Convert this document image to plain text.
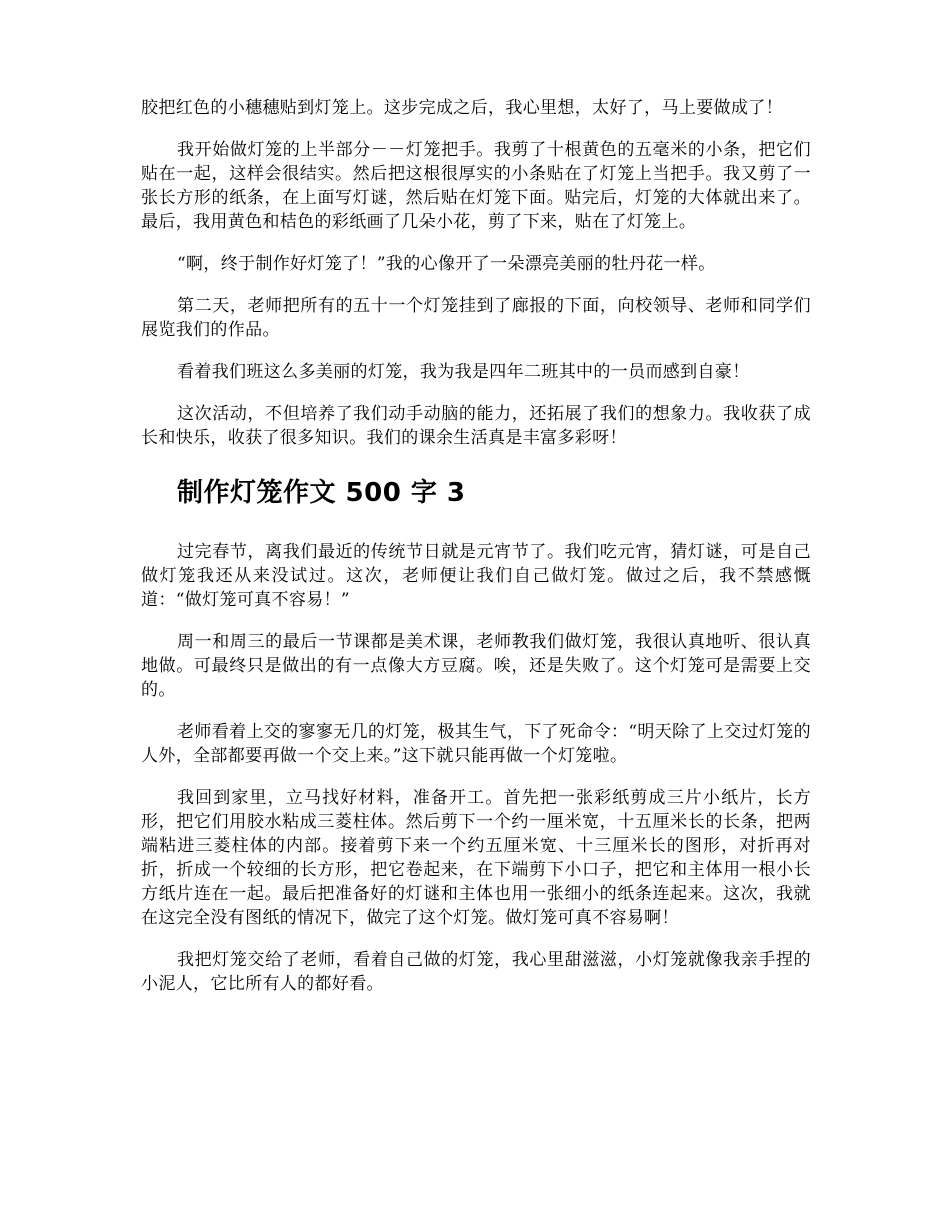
胶把红色的小穗穗贴到灯笼上。这步完成之后，我心里想，太好了，马上要做成了！

我开始做灯笼的上半部分－－灯笼把手。我剪了十根黄色的五毫米的小条，把它们贴在一起，这样会很结实。然后把这根很厚实的小条贴在了灯笼上当把手。我又剪了一张长方形的纸条，在上面写灯谜，然后贴在灯笼下面。贴完后，灯笼的大体就出来了。最后，我用黄色和桔色的彩纸画了几朵小花，剪了下来，贴在了灯笼上。

“啊，终于制作好灯笼了！”我的心像开了一朵漂亮美丽的牡丹花一样。

第二天，老师把所有的五十一个灯笼挂到了廊报的下面，向校领导、老师和同学们展览我们的作品。

看着我们班这么多美丽的灯笼，我为我是四年二班其中的一员而感到自豪！

这次活动，不但培养了我们动手动脑的能力，还拓展了我们的想象力。我收获了成长和快乐，收获了很多知识。我们的课余生活真是丰富多彩呀！

制作灯笼作文 500 字 3

过完春节，离我们最近的传统节日就是元宵节了。我们吃元宵，猜灯谜，可是自己做灯笼我还从来没试过。这次，老师便让我们自己做灯笼。做过之后，我不禁感慨道：“做灯笼可真不容易！”

周一和周三的最后一节课都是美术课，老师教我们做灯笼，我很认真地听、很认真地做。可最终只是做出的有一点像大方豆腐。唉，还是失败了。这个灯笼可是需要上交的。

老师看着上交的寥寥无几的灯笼，极其生气，下了死命令：“明天除了上交过灯笼的人外，全部都要再做一个交上来。”这下就只能再做一个灯笼啦。

我回到家里，立马找好材料，准备开工。首先把一张彩纸剪成三片小纸片，长方形，把它们用胶水粘成三菱柱体。然后剪下一个约一厘米宽，十五厘米长的长条，把两端粘进三菱柱体的内部。接着剪下来一个约五厘米宽、十三厘米长的图形，对折再对折，折成一个较细的长方形，把它卷起来，在下端剪下小口子，把它和主体用一根小长方纸片连在一起。最后把准备好的灯谜和主体也用一张细小的纸条连起来。这次，我就在这完全没有图纸的情况下，做完了这个灯笼。做灯笼可真不容易啊！

我把灯笼交给了老师，看着自己做的灯笼，我心里甜滋滋，小灯笼就像我亲手捏的小泥人，它比所有人的都好看。
